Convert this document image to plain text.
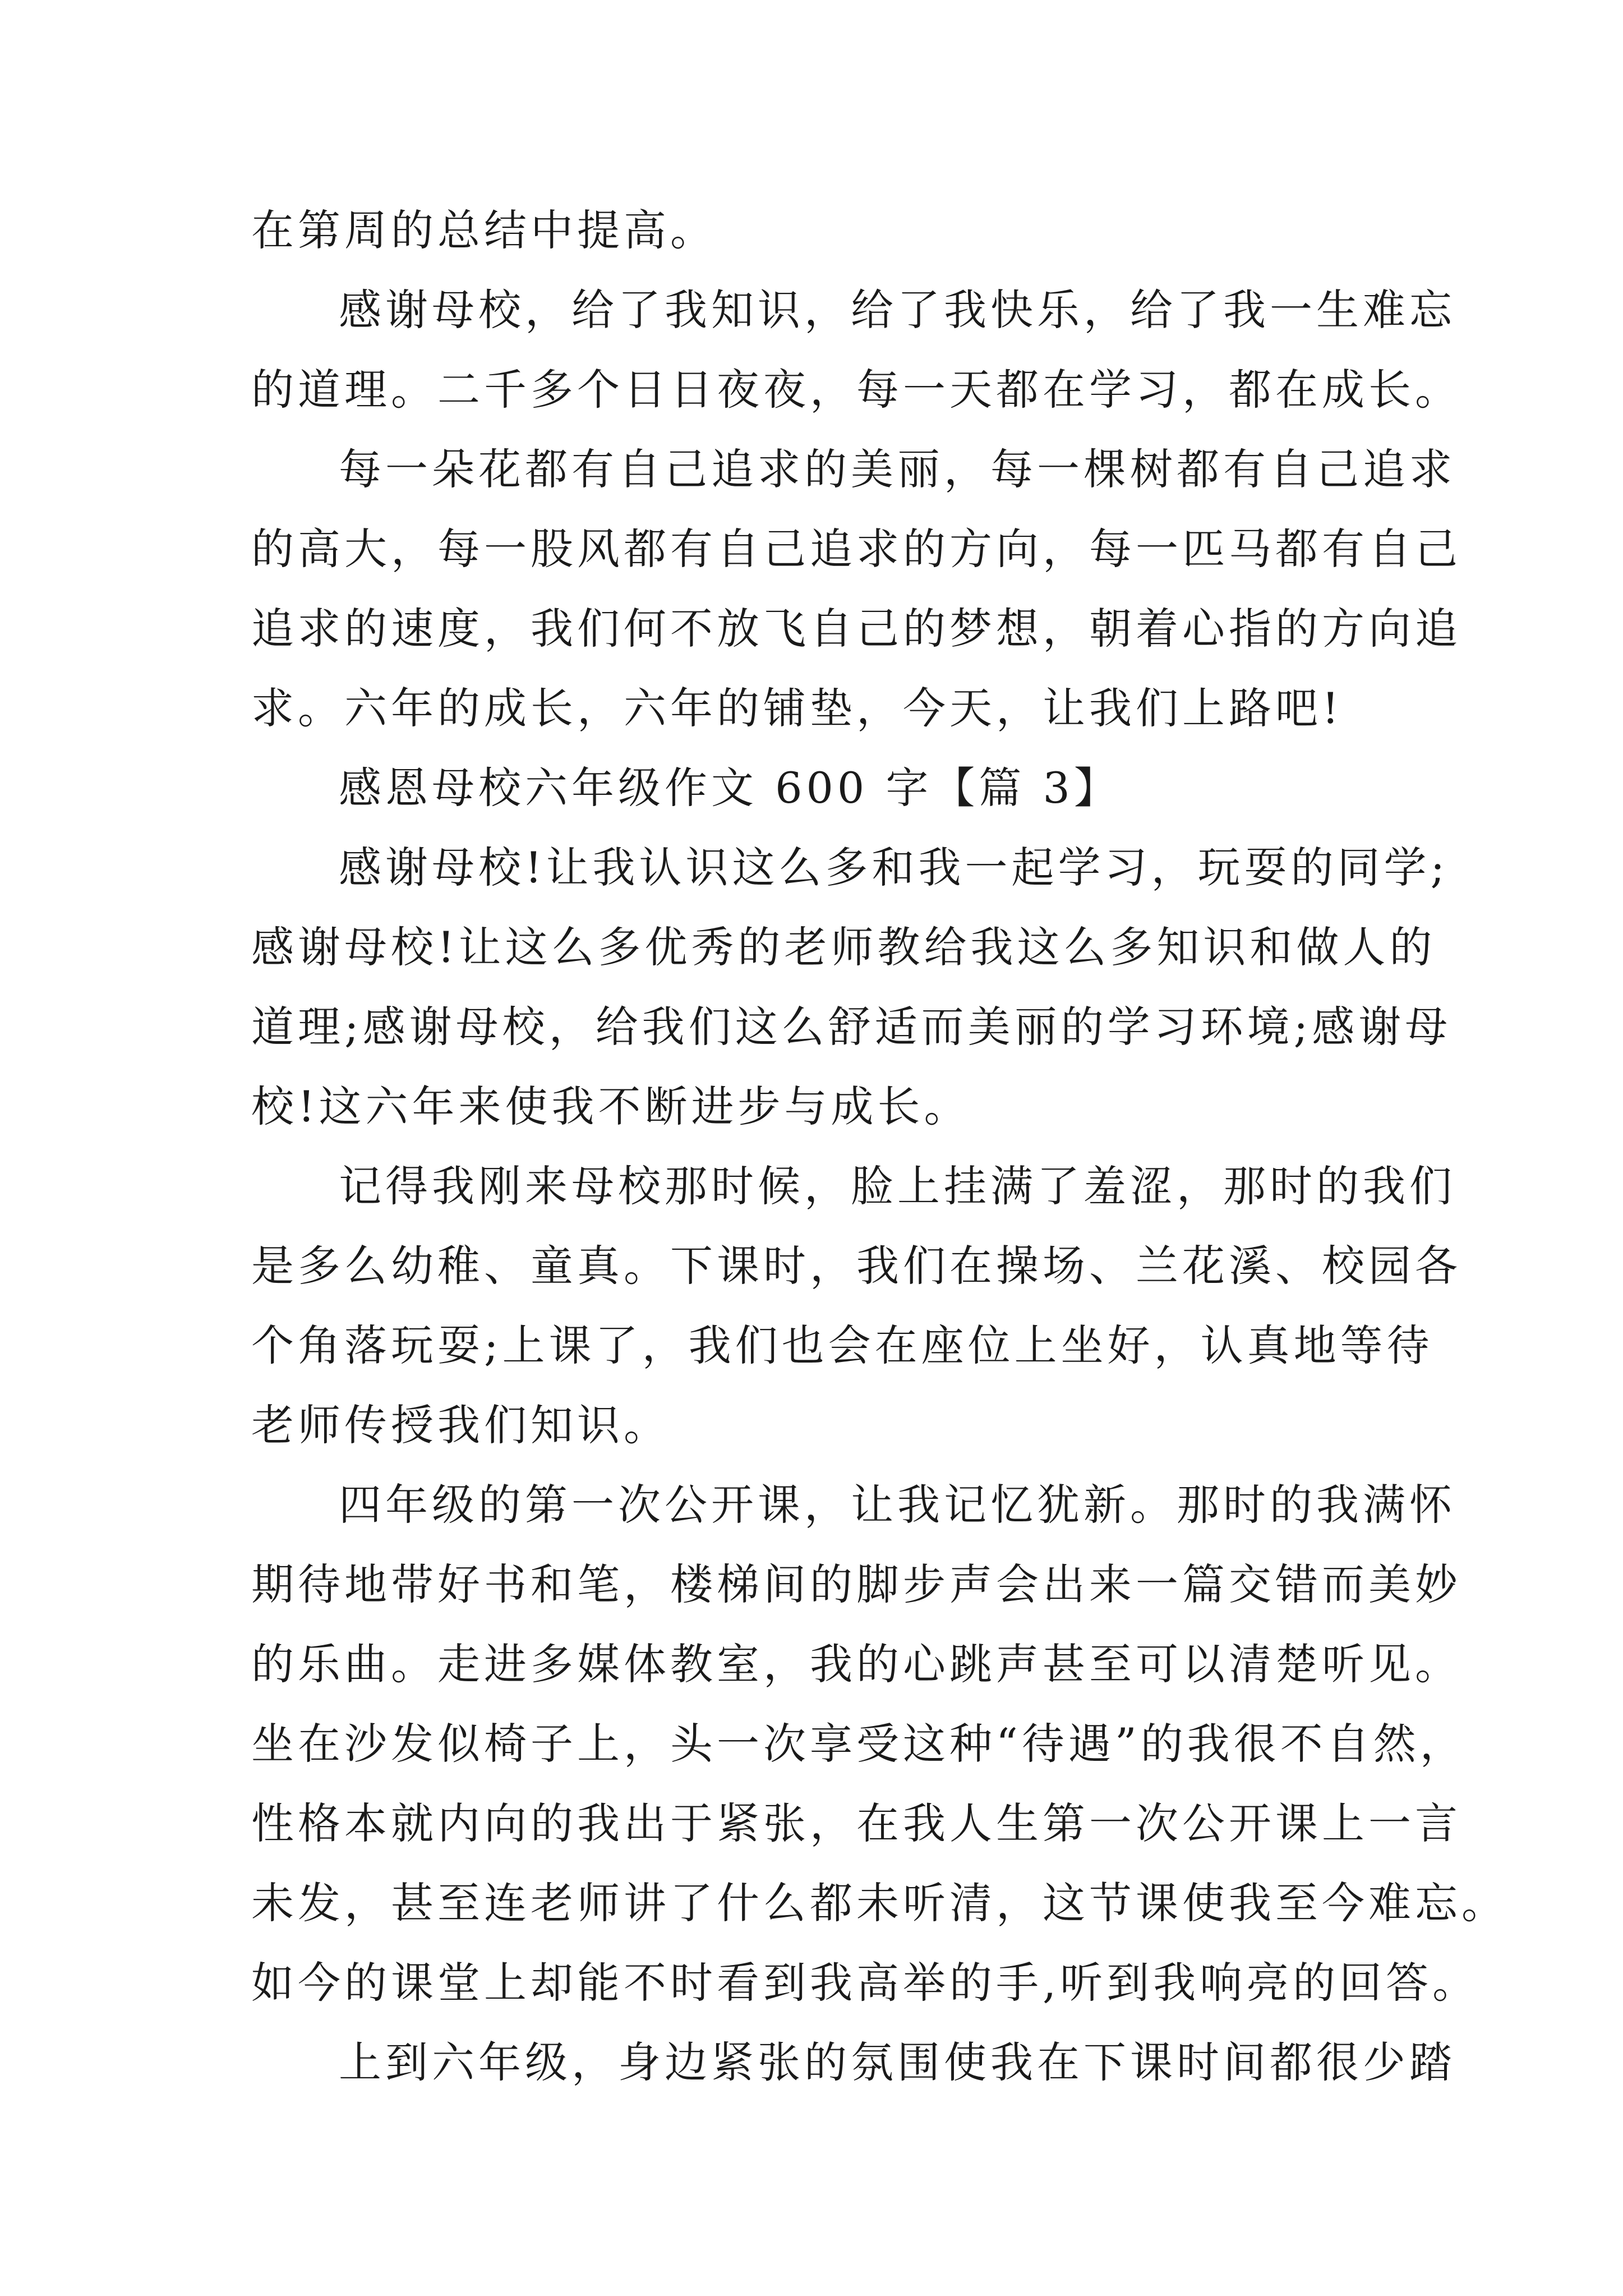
在第周的总结中提高。
感谢母校，给了我知识，给了我快乐，给了我一生难忘
的道理。二千多个日日夜夜，每一天都在学习，都在成长。
每一朵花都有自己追求的美丽，每一棵树都有自己追求
的高大，每一股风都有自己追求的方向，每一匹马都有自己
追求的速度，我们何不放飞自己的梦想，朝着心指的方向追
求。六年的成长，六年的铺垫，今天，让我们上路吧!
感恩母校六年级作文 600 字【篇 3】
感谢母校!让我认识这么多和我一起学习，玩耍的同学;
感谢母校!让这么多优秀的老师教给我这么多知识和做人的
道理;感谢母校，给我们这么舒适而美丽的学习环境;感谢母
校!这六年来使我不断进步与成长。
记得我刚来母校那时候，脸上挂满了羞涩，那时的我们
是多么幼稚、童真。下课时，我们在操场、兰花溪、校园各
个角落玩耍;上课了，我们也会在座位上坐好，认真地等待
老师传授我们知识。
四年级的第一次公开课，让我记忆犹新。那时的我满怀
期待地带好书和笔，楼梯间的脚步声会出来一篇交错而美妙
的乐曲。走进多媒体教室，我的心跳声甚至可以清楚听见。
坐在沙发似椅子上，头一次享受这种“待遇”的我很不自然，
性格本就内向的我出于紧张，在我人生第一次公开课上一言
未发，甚至连老师讲了什么都未听清，这节课使我至今难忘。
如今的课堂上却能不时看到我高举的手,听到我响亮的回答。
上到六年级，身边紧张的氛围使我在下课时间都很少踏
